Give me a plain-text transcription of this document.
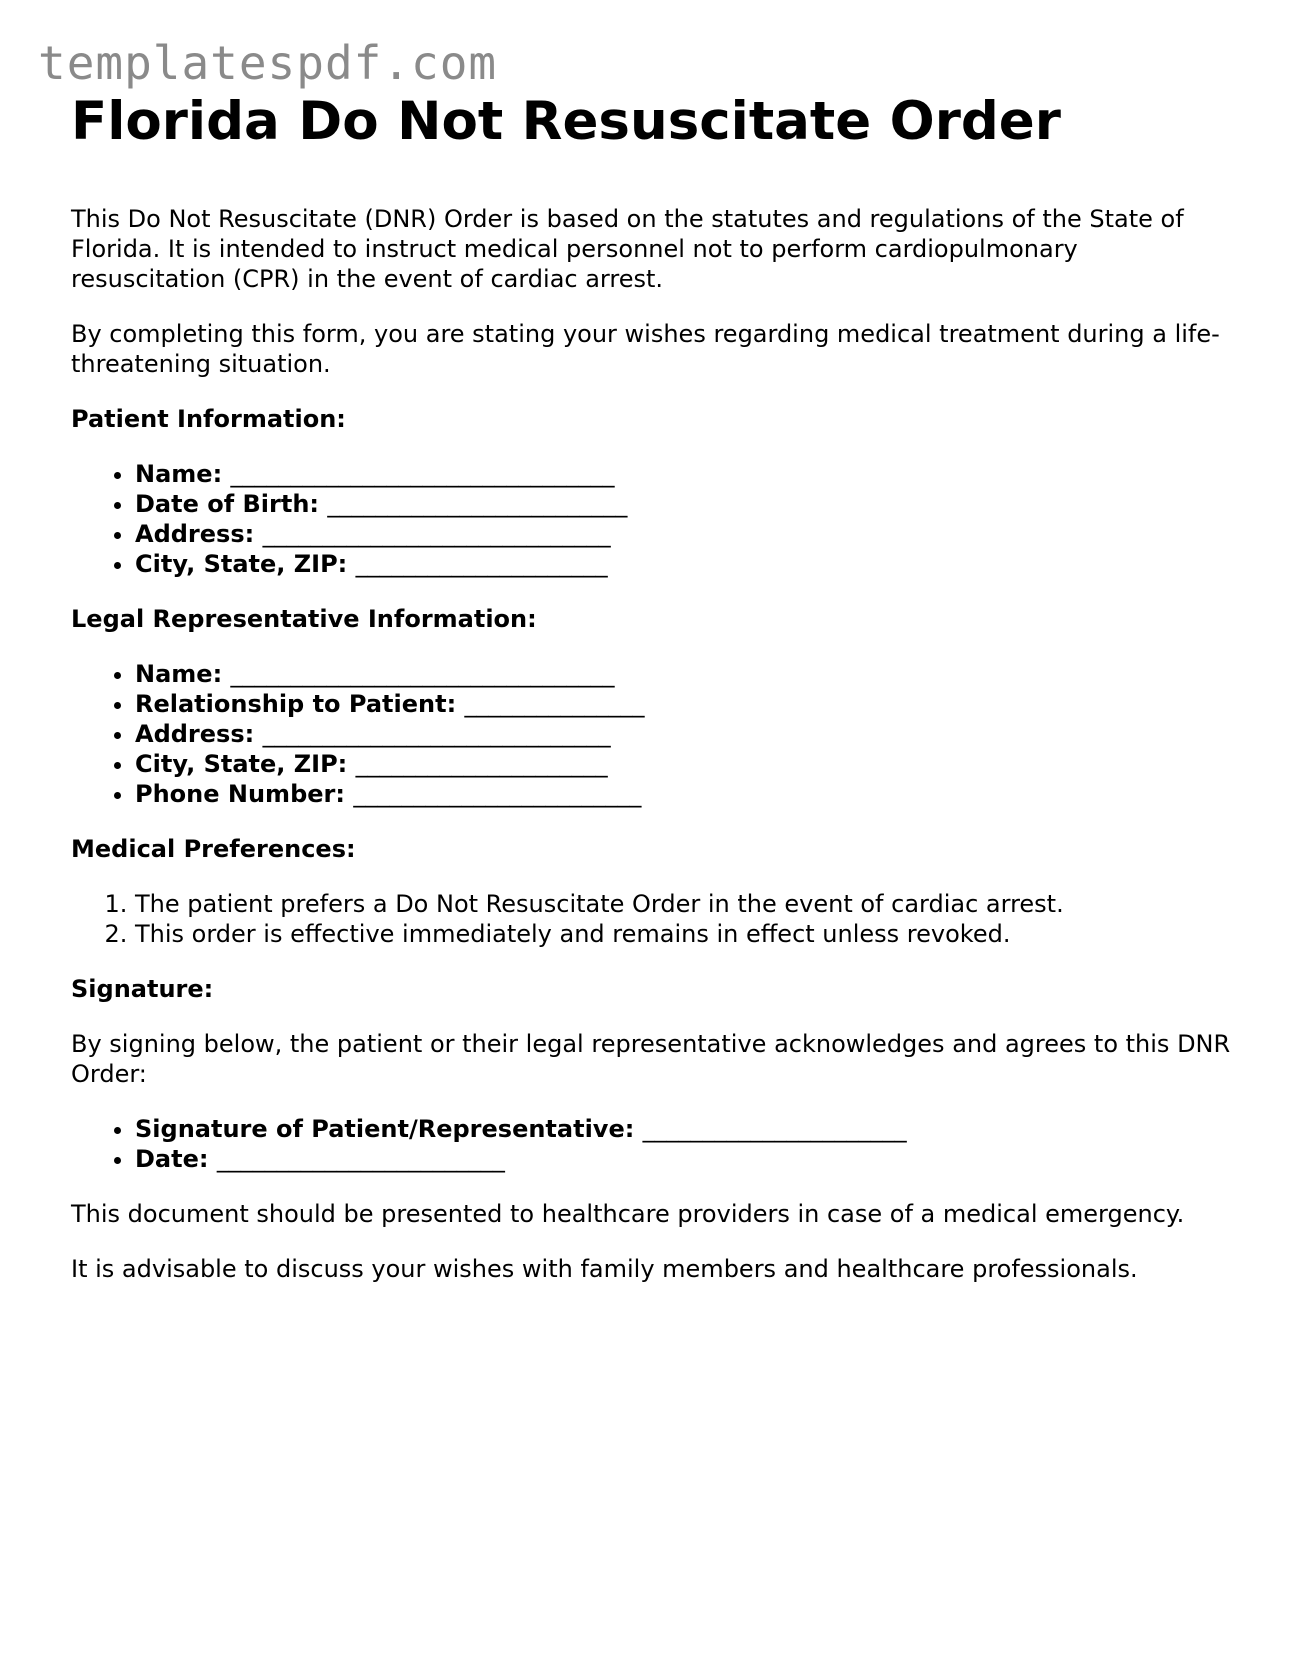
templatespdf.com
Florida Do Not Resuscitate Order

This Do Not Resuscitate (DNR) Order is based on the statutes and regulations of the State of Florida. It is intended to instruct medical personnel not to perform cardiopulmonary resuscitation (CPR) in the event of cardiac arrest.

By completing this form, you are stating your wishes regarding medical treatment during a life-threatening situation.

Patient Information:
• Name: ________________________________
• Date of Birth: _________________________
• Address: _____________________________
• City, State, ZIP: _____________________
Legal Representative Information:
• Name: ________________________________
• Relationship to Patient: _______________
• Address: _____________________________
• City, State, ZIP: _____________________
• Phone Number: ________________________
Medical Preferences:
1. The patient prefers a Do Not Resuscitate Order in the event of cardiac arrest.
2. This order is effective immediately and remains in effect unless revoked.
Signature:

By signing below, the patient or their legal representative acknowledges and agrees to this DNR Order:

• Signature of Patient/Representative: ______________________
• Date: ________________________

This document should be presented to healthcare providers in case of a medical emergency.

It is advisable to discuss your wishes with family members and healthcare professionals.
